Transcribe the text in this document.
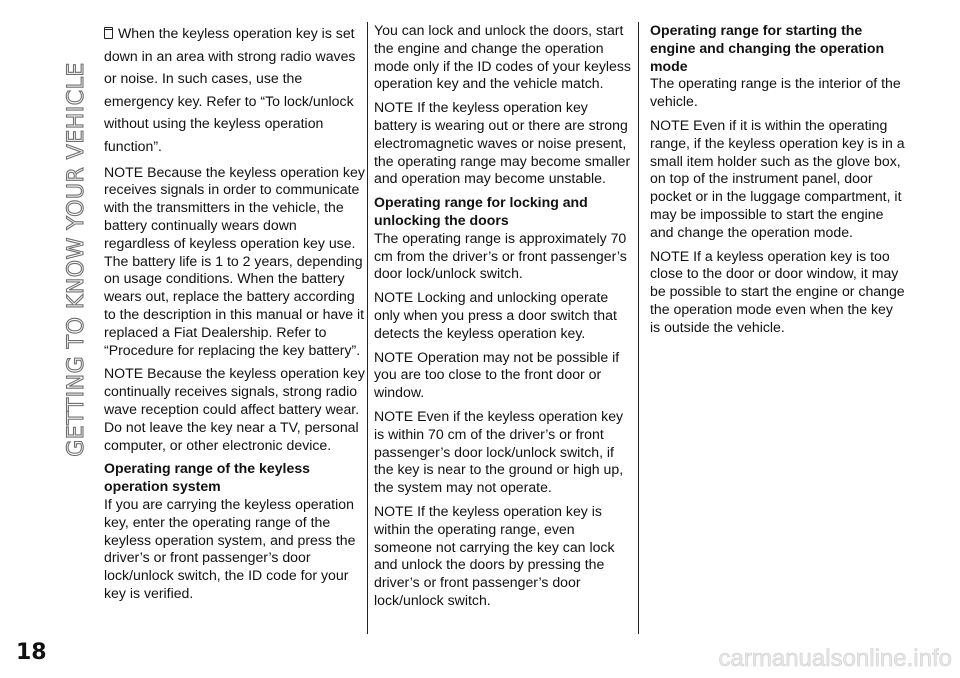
GETTING TO KNOW YOUR VEHICLE

When the keyless operation key is set down in an area with strong radio waves or noise. In such cases, use the emergency key. Refer to “To lock/unlock without using the keyless operation function”.

NOTE Because the keyless operation key receives signals in order to communicate with the transmitters in the vehicle, the battery continually wears down regardless of keyless operation key use. The battery life is 1 to 2 years, depending on usage conditions. When the battery wears out, replace the battery according to the description in this manual or have it replaced a Fiat Dealership. Refer to “Procedure for replacing the key battery”.

NOTE Because the keyless operation key continually receives signals, strong radio wave reception could affect battery wear. Do not leave the key near a TV, personal computer, or other electronic device.

Operating range of the keyless operation system

If you are carrying the keyless operation key, enter the operating range of the keyless operation system, and press the driver’s or front passenger’s door lock/unlock switch, the ID code for your key is verified.

You can lock and unlock the doors, start the engine and change the operation mode only if the ID codes of your keyless operation key and the vehicle match.

NOTE If the keyless operation key battery is wearing out or there are strong electromagnetic waves or noise present, the operating range may become smaller and operation may become unstable.

Operating range for locking and unlocking the doors

The operating range is approximately 70 cm from the driver’s or front passenger’s door lock/unlock switch.

NOTE Locking and unlocking operate only when you press a door switch that detects the keyless operation key.

NOTE Operation may not be possible if you are too close to the front door or window.

NOTE Even if the keyless operation key is within 70 cm of the driver’s or front passenger’s door lock/unlock switch, if the key is near to the ground or high up, the system may not operate.

NOTE If the keyless operation key is within the operating range, even someone not carrying the key can lock and unlock the doors by pressing the driver’s or front passenger’s door lock/unlock switch.

Operating range for starting the engine and changing the operation mode

The operating range is the interior of the vehicle.

NOTE Even if it is within the operating range, if the keyless operation key is in a small item holder such as the glove box, on top of the instrument panel, door pocket or in the luggage compartment, it may be impossible to start the engine and change the operation mode.

NOTE If a keyless operation key is too close to the door or door window, it may be possible to start the engine or change the operation mode even when the key is outside the vehicle.

18	carmanualsonline.info
